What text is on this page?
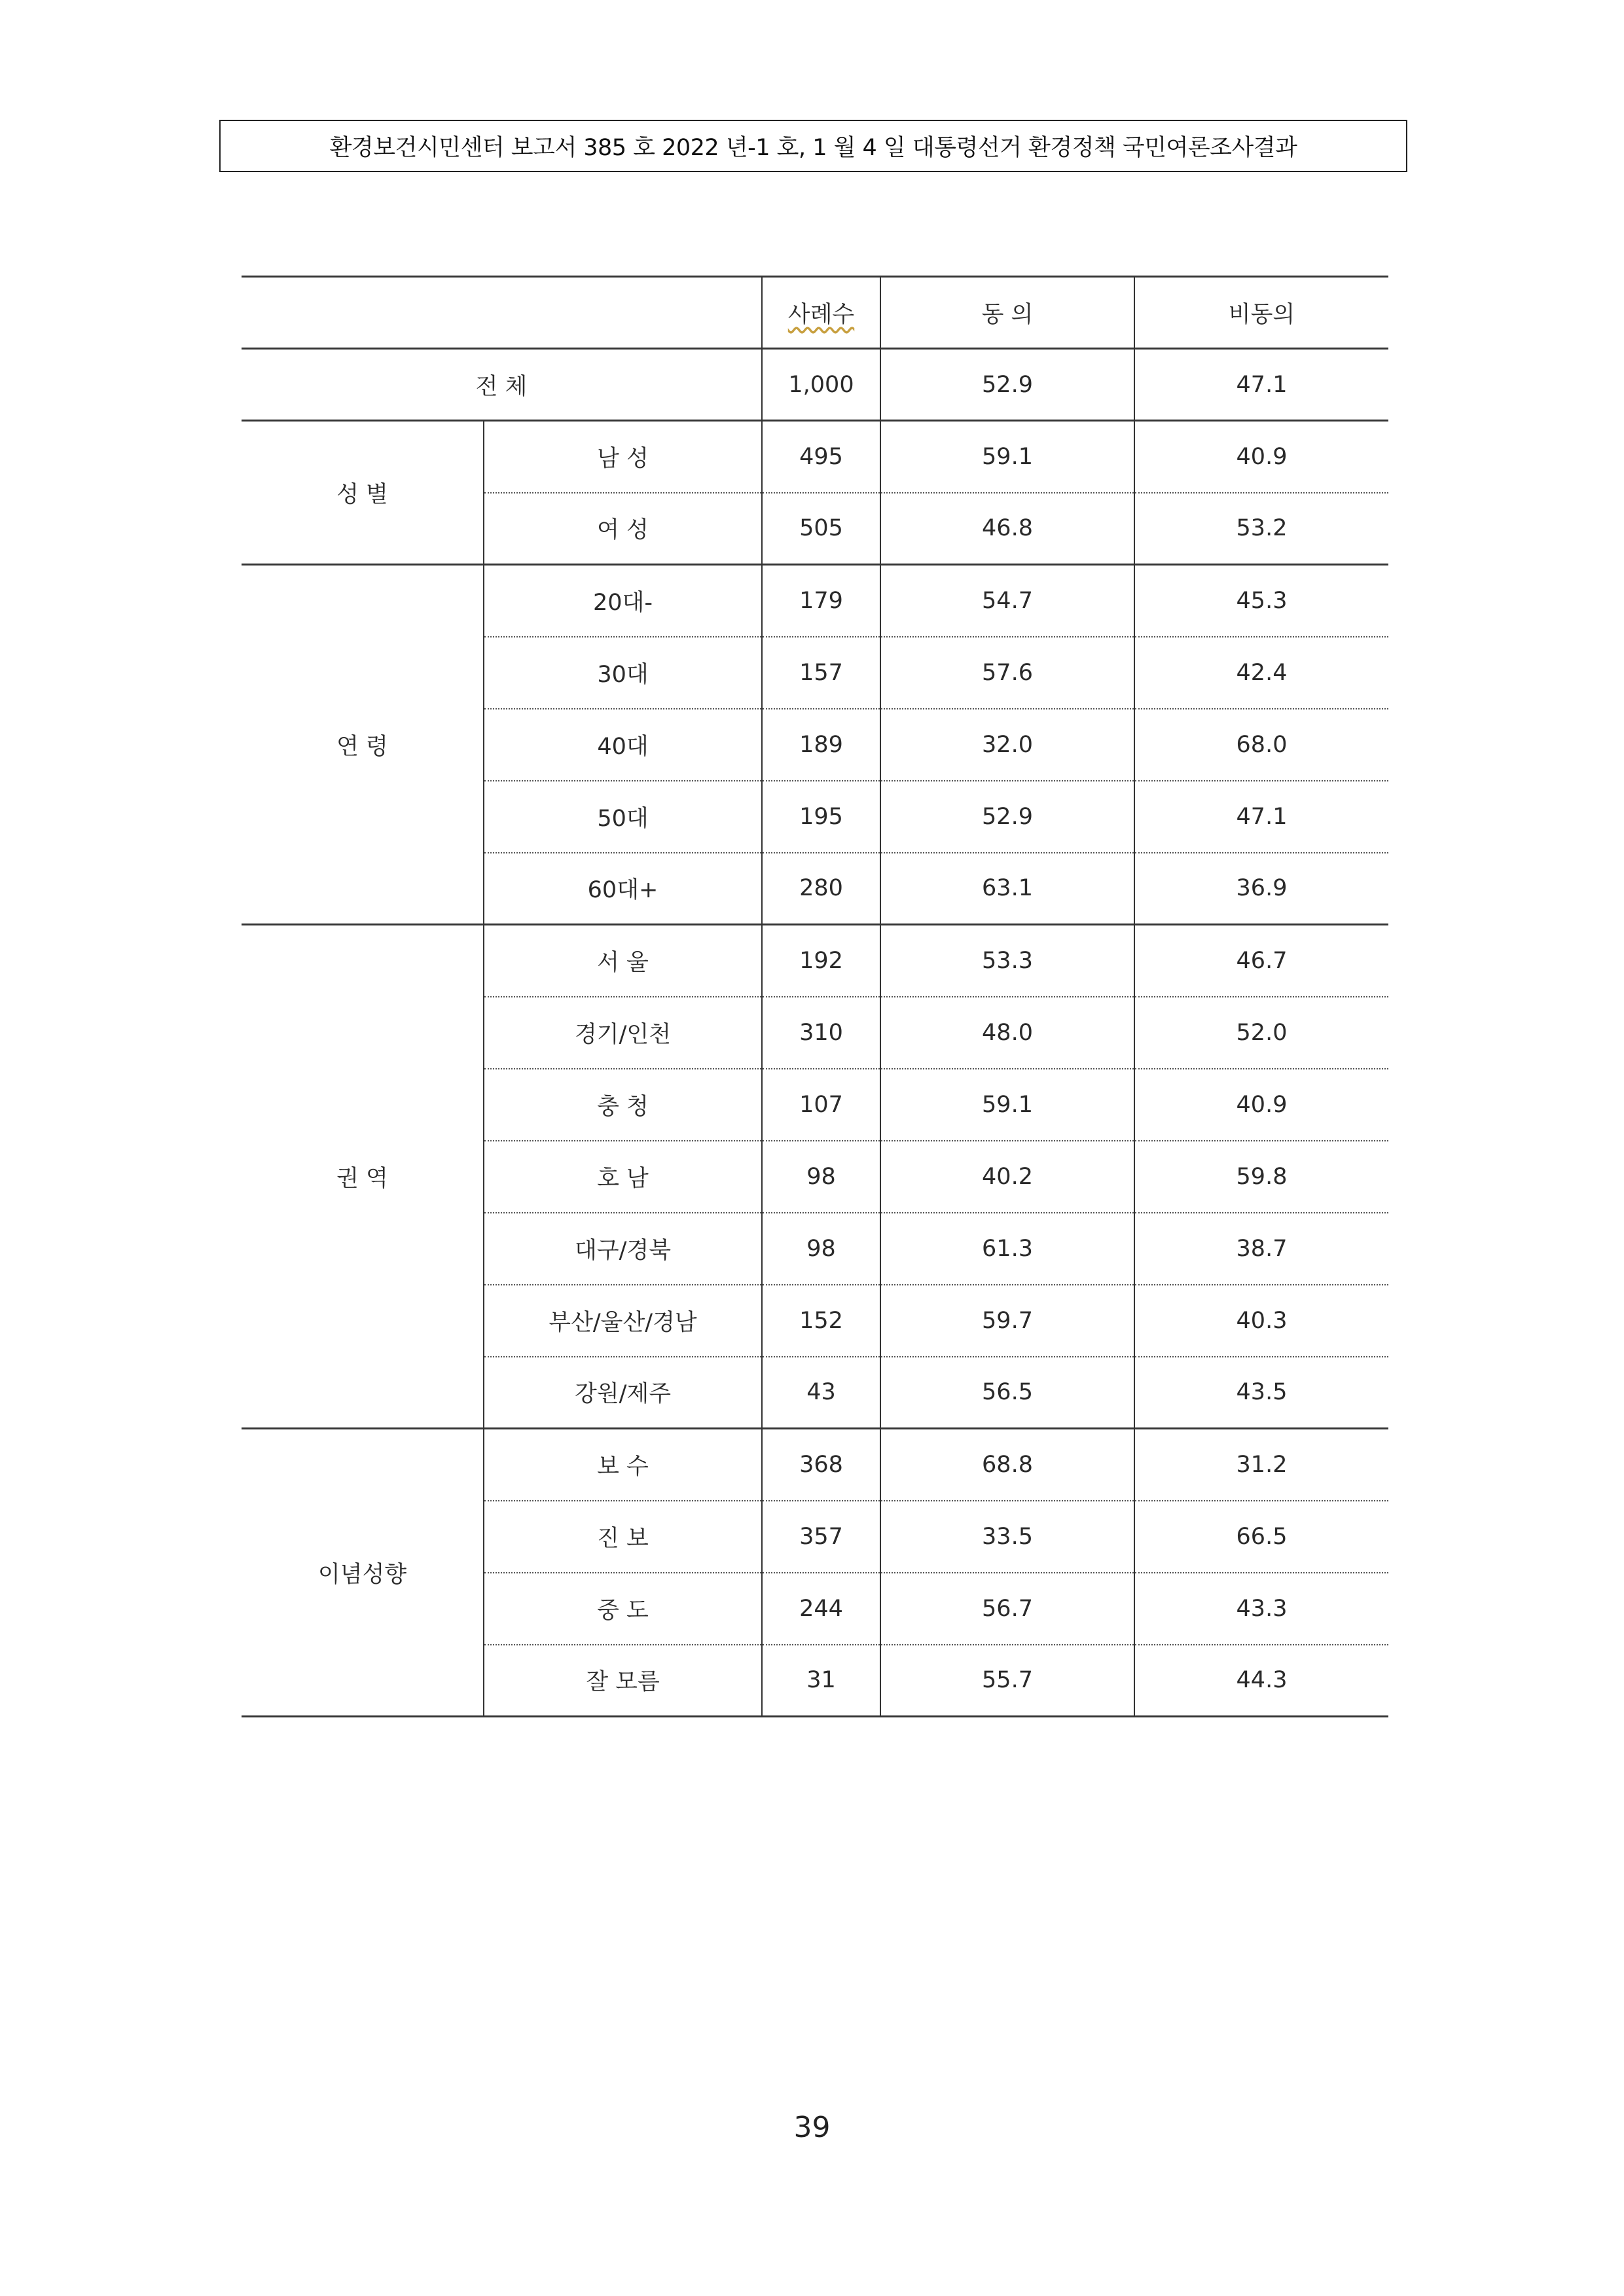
환경보건시민센터 보고서 385 호 2022 년-1 호, 1 월 4 일 대통령선거 환경정책 국민여론조사결과
		사례수	동 의	비동의
전 체		1,000	52.9	47.1
성 별	남 성	495	59.1	40.9
	여 성	505	46.8	53.2
연 령	20대-	179	54.7	45.3
	30대	157	57.6	42.4
	40대	189	32.0	68.0
	50대	195	52.9	47.1
	60대+	280	63.1	36.9
권 역	서 울	192	53.3	46.7
	경기/인천	310	48.0	52.0
	충 청	107	59.1	40.9
	호 남	98	40.2	59.8
	대구/경북	98	61.3	38.7
	부산/울산/경남	152	59.7	40.3
	강원/제주	43	56.5	43.5
이념성향	보 수	368	68.8	31.2
	진 보	357	33.5	66.5
	중 도	244	56.7	43.3
	잘 모름	31	55.7	44.3
39
